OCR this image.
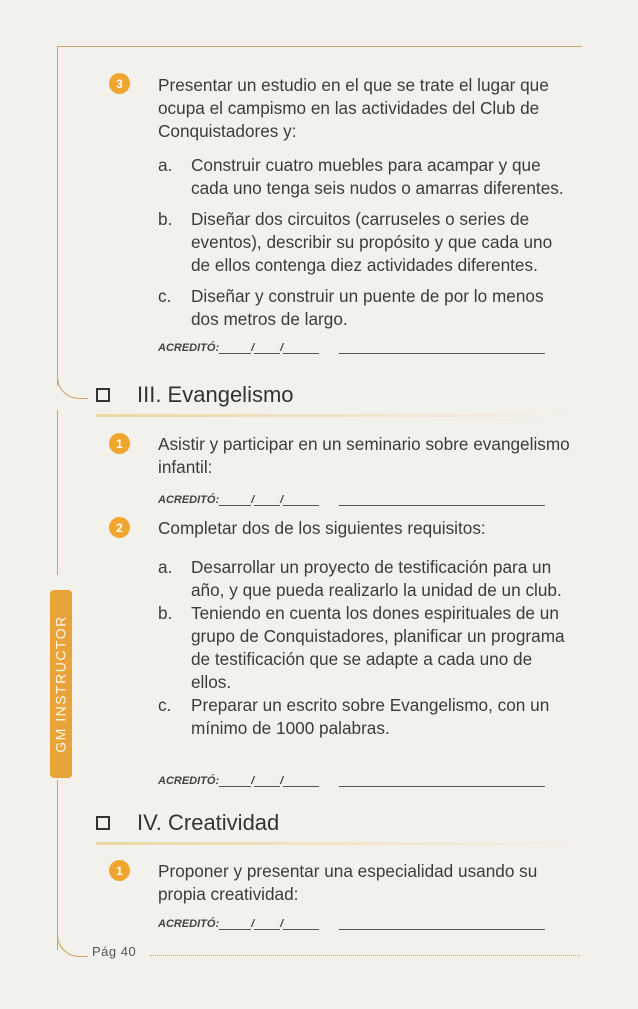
GM INSTRUCTOR
3 Presentar un estudio en el que se trate el lugar que ocupa el campismo en las actividades del Club de Conquistadores y:
a.	Construir cuatro muebles para acampar y que cada uno tenga seis nudos o amarras diferentes.
b.	Diseñar dos circuitos (carruseles o series de eventos), describir su propósito y que cada uno de ellos contenga diez actividades diferentes.
c.	Diseñar y construir un puente de por lo menos dos metros de largo.
ACREDITÓ:	/ /
III. Evangelismo
1 Asistir y participar en un seminario sobre evangelismo infantil:
ACREDITÓ:	/ /
2 Completar dos de los siguientes requisitos:
a.	Desarrollar un proyecto de testificación para un año, y que pueda realizarlo la unidad de un club.
b.	Teniendo en cuenta los dones espirituales de un grupo de Conquistadores, planificar un programa de testificación que se adapte a cada uno de ellos.
c.	Preparar un escrito sobre Evangelismo, con un mínimo de 1000 palabras.
ACREDITÓ:	/ /
IV. Creatividad
1 Proponer y presentar una especialidad usando su propia creatividad:
ACREDITÓ:	/ /
Pág 40
